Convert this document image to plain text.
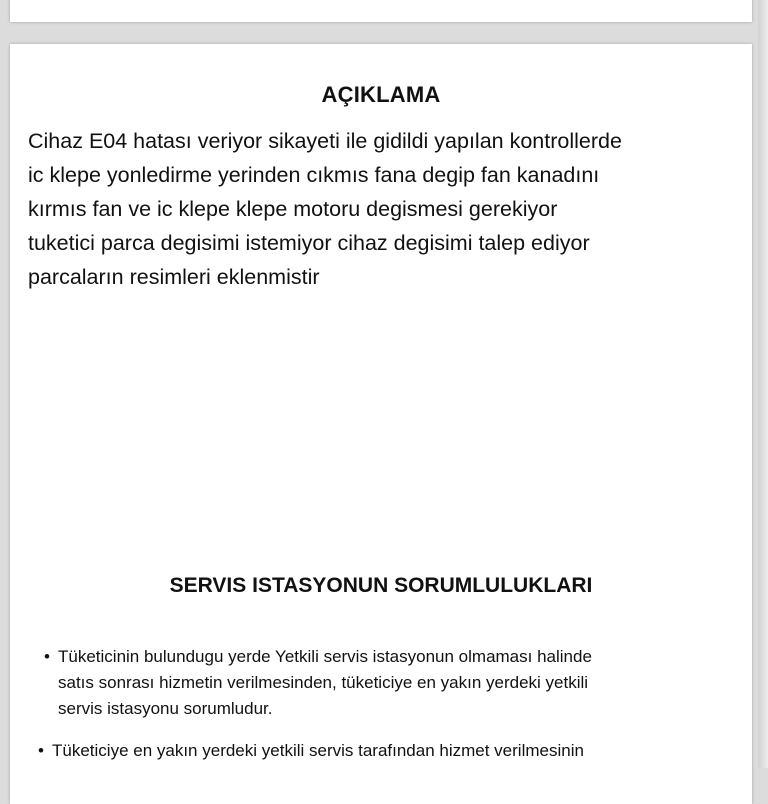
AÇIKLAMA

Cihaz E04 hatası veriyor sikayeti ile gidildi yapılan kontrollerde
ic klepe yonledirme yerinden cıkmıs fana degip fan kanadını
kırmıs fan ve ic klepe klepe motoru degismesi gerekiyor
tuketici parca degisimi istemiyor cihaz degisimi talep ediyor
parcaların resimleri eklenmistir

SERVIS ISTASYONUN SORUMLULUKLARI
• Tüketicinin bulundugu yerde Yetkili servis istasyonun olmaması halinde
satıs sonrası hizmetin verilmesinden, tüketiciye en yakın yerdeki yetkili
servis istasyonu sorumludur.
• Tüketiciye en yakın yerdeki yetkili servis tarafından hizmet verilmesinin
